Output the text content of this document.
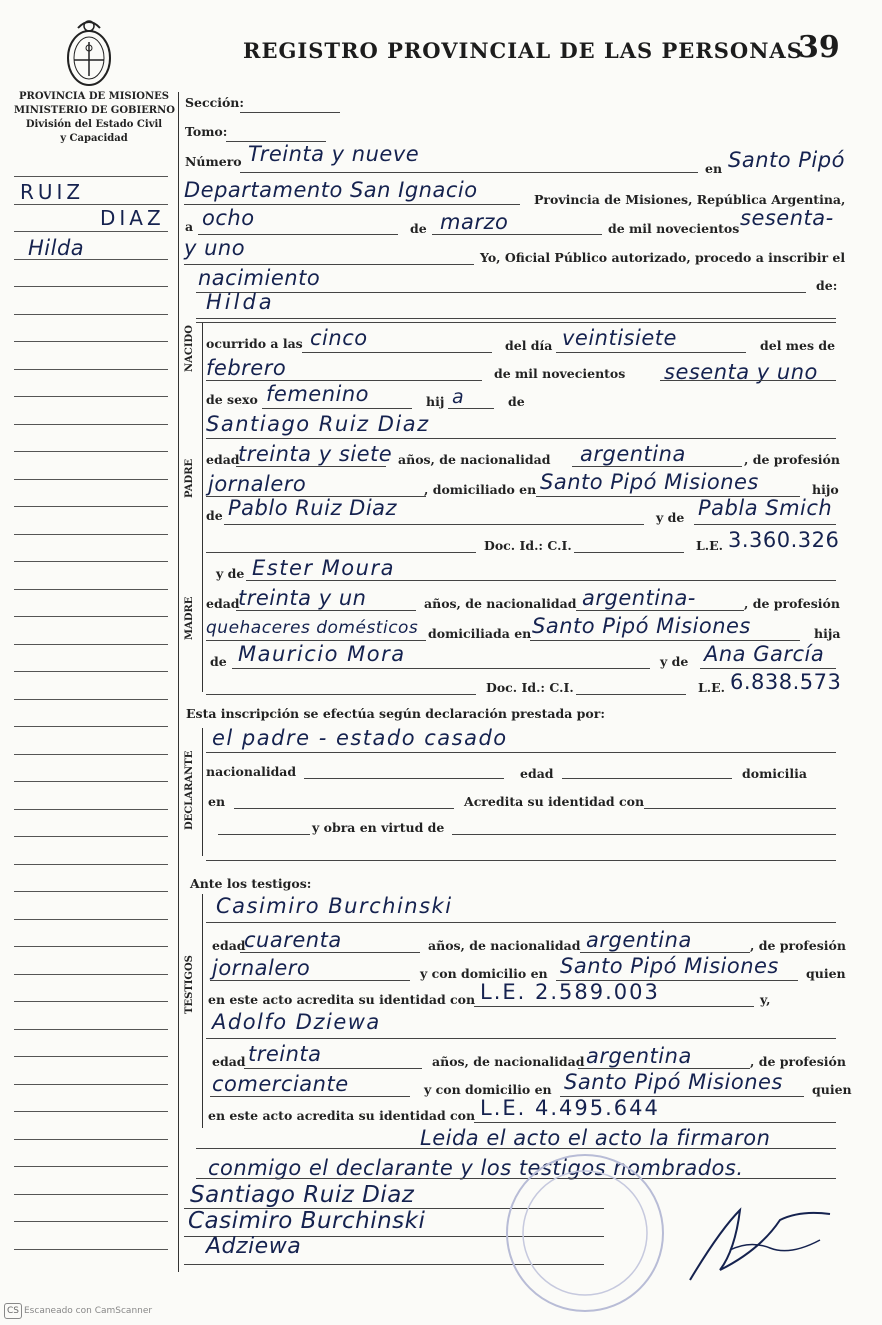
REGISTRO PROVINCIAL DE LAS PERSONAS
39
PROVINCIA DE MISIONES
MINISTERIO DE GOBIERNO
División del Estado Civil
y Capacidad
RUIZ
DIAZ
Hilda
NACIDO
PADRE
MADRE
DECLARANTE
TESTIGOS
Sección:
Tomo:
Número Treinta y nueve
en Santo Pipó
Departamento San Ignacio	Provincia de Misiones, República Argentina,
a ocho	de marzo	de mil novecientos sesenta-
y uno	Yo, Oficial Público autorizado, procedo a inscribir el
nacimiento	de:
Hilda
ocurrido a las cinco	del día veintisiete	del mes de
febrero	de mil novecientos sesenta y uno
de sexo femenino	hij a	de
Santiago Ruiz Diaz
edad
treinta y siete años, de nacionalidad argentina	, de profesión
jornalero	, domiciliado en Santo Pipó Misiones	hijo
de Pablo Ruiz Diaz	y de Pabla Smich
Doc. Id.: C.I.	L.E. 3.360.326
y de Ester Moura
edad
treinta y un	años, de nacionalidad argentina-	, de profesión
quehaceres domésticos domiciliada en Santo Pipó Misiones	hija
de Mauricio Mora	y de Ana García
Doc. Id.: C.I.	L.E. 6.838.573
Esta inscripción se efectúa según declaración prestada por:
el padre - estado casado
nacionalidad	edad	domicilia
en	Acredita su identidad con
y obra en virtud de
Ante los testigos:
Casimiro Burchinski
edad
cuarenta	años, de nacionalidad argentina	, de profesión
jornalero	y con domicilio en Santo Pipó Misiones quien
en este acto acredita su identidad con L.E. 2.589.003	y,
Adolfo Dziewa
edad treinta	años, de nacionalidad argentina	, de profesión
comerciante	y con domicilio en Santo Pipó Misiones quien
en este acto acredita su identidad con L.E. 4.495.644
Leida el acto el acto la firmaron
conmigo el declarante y los testigos nombrados.
Santiago Ruiz Diaz
Casimiro Burchinski
Adziewa
CS Escaneado con CamScanner
